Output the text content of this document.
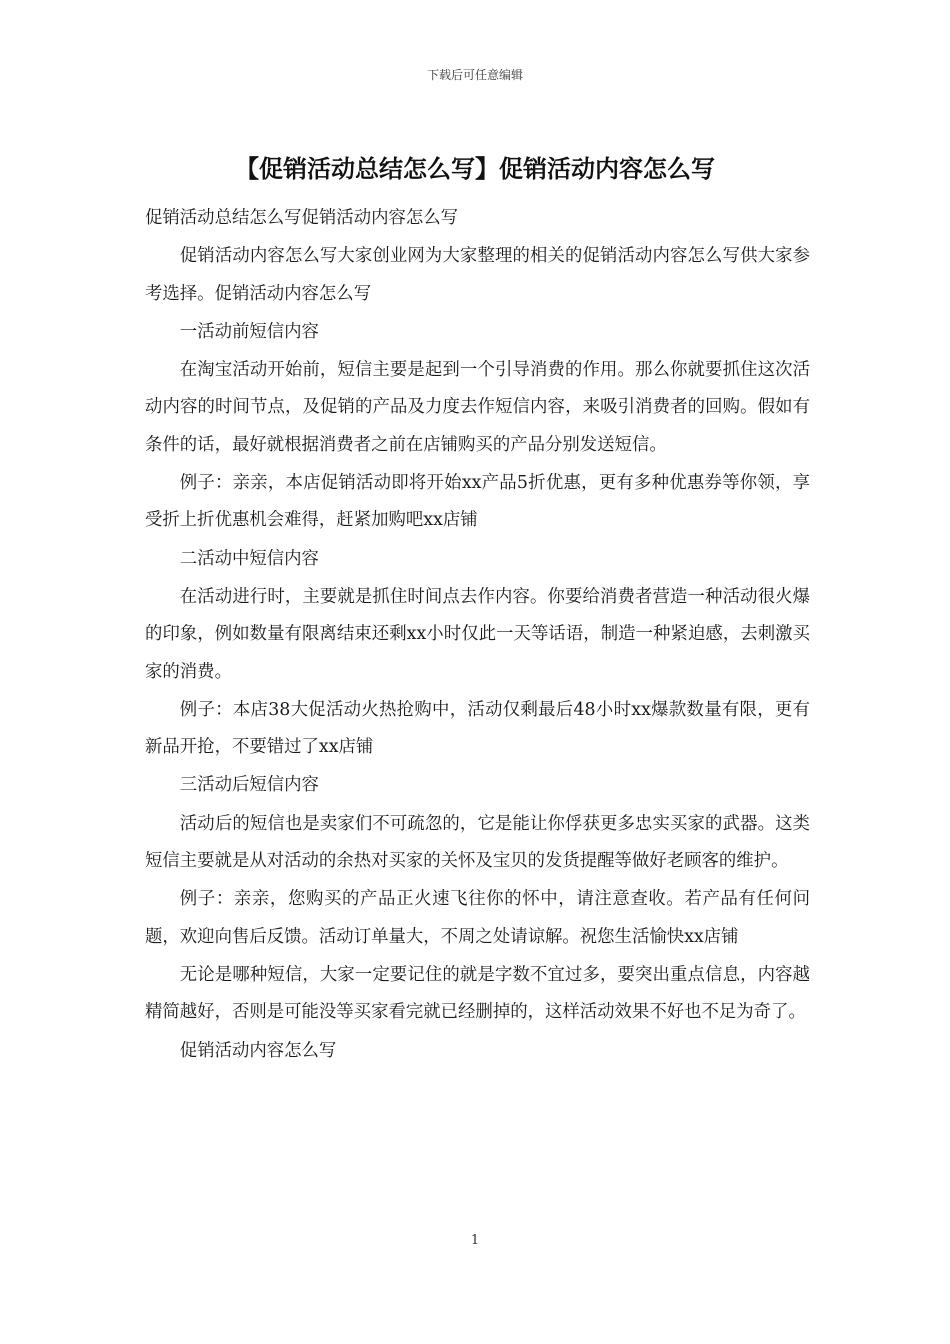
下载后可任意编辑
【促销活动总结怎么写】促销活动内容怎么写

促销活动总结怎么写促销活动内容怎么写

促销活动内容怎么写大家创业网为大家整理的相关的促销活动内容怎么写供大家参考选择。促销活动内容怎么写

一活动前短信内容

在淘宝活动开始前，短信主要是起到一个引导消费的作用。那么你就要抓住这次活动内容的时间节点，及促销的产品及力度去作短信内容，来吸引消费者的回购。假如有条件的话，最好就根据消费者之前在店铺购买的产品分别发送短信。

例子：亲亲，本店促销活动即将开始xx产品5折优惠，更有多种优惠券等你领，享受折上折优惠机会难得，赶紧加购吧xx店铺

二活动中短信内容

在活动进行时，主要就是抓住时间点去作内容。你要给消费者营造一种活动很火爆的印象，例如数量有限离结束还剩xx小时仅此一天等话语，制造一种紧迫感，去刺激买家的消费。

例子：本店38大促活动火热抢购中，活动仅剩最后48小时xx爆款数量有限，更有新品开抢，不要错过了xx店铺

三活动后短信内容

活动后的短信也是卖家们不可疏忽的，它是能让你俘获更多忠实买家的武器。这类短信主要就是从对活动的余热对买家的关怀及宝贝的发货提醒等做好老顾客的维护。

例子：亲亲，您购买的产品正火速飞往你的怀中，请注意查收。若产品有任何问题，欢迎向售后反馈。活动订单量大，不周之处请谅解。祝您生活愉快xx店铺

无论是哪种短信，大家一定要记住的就是字数不宜过多，要突出重点信息，内容越精简越好，否则是可能没等买家看完就已经删掉的，这样活动效果不好也不足为奇了。

促销活动内容怎么写

1
